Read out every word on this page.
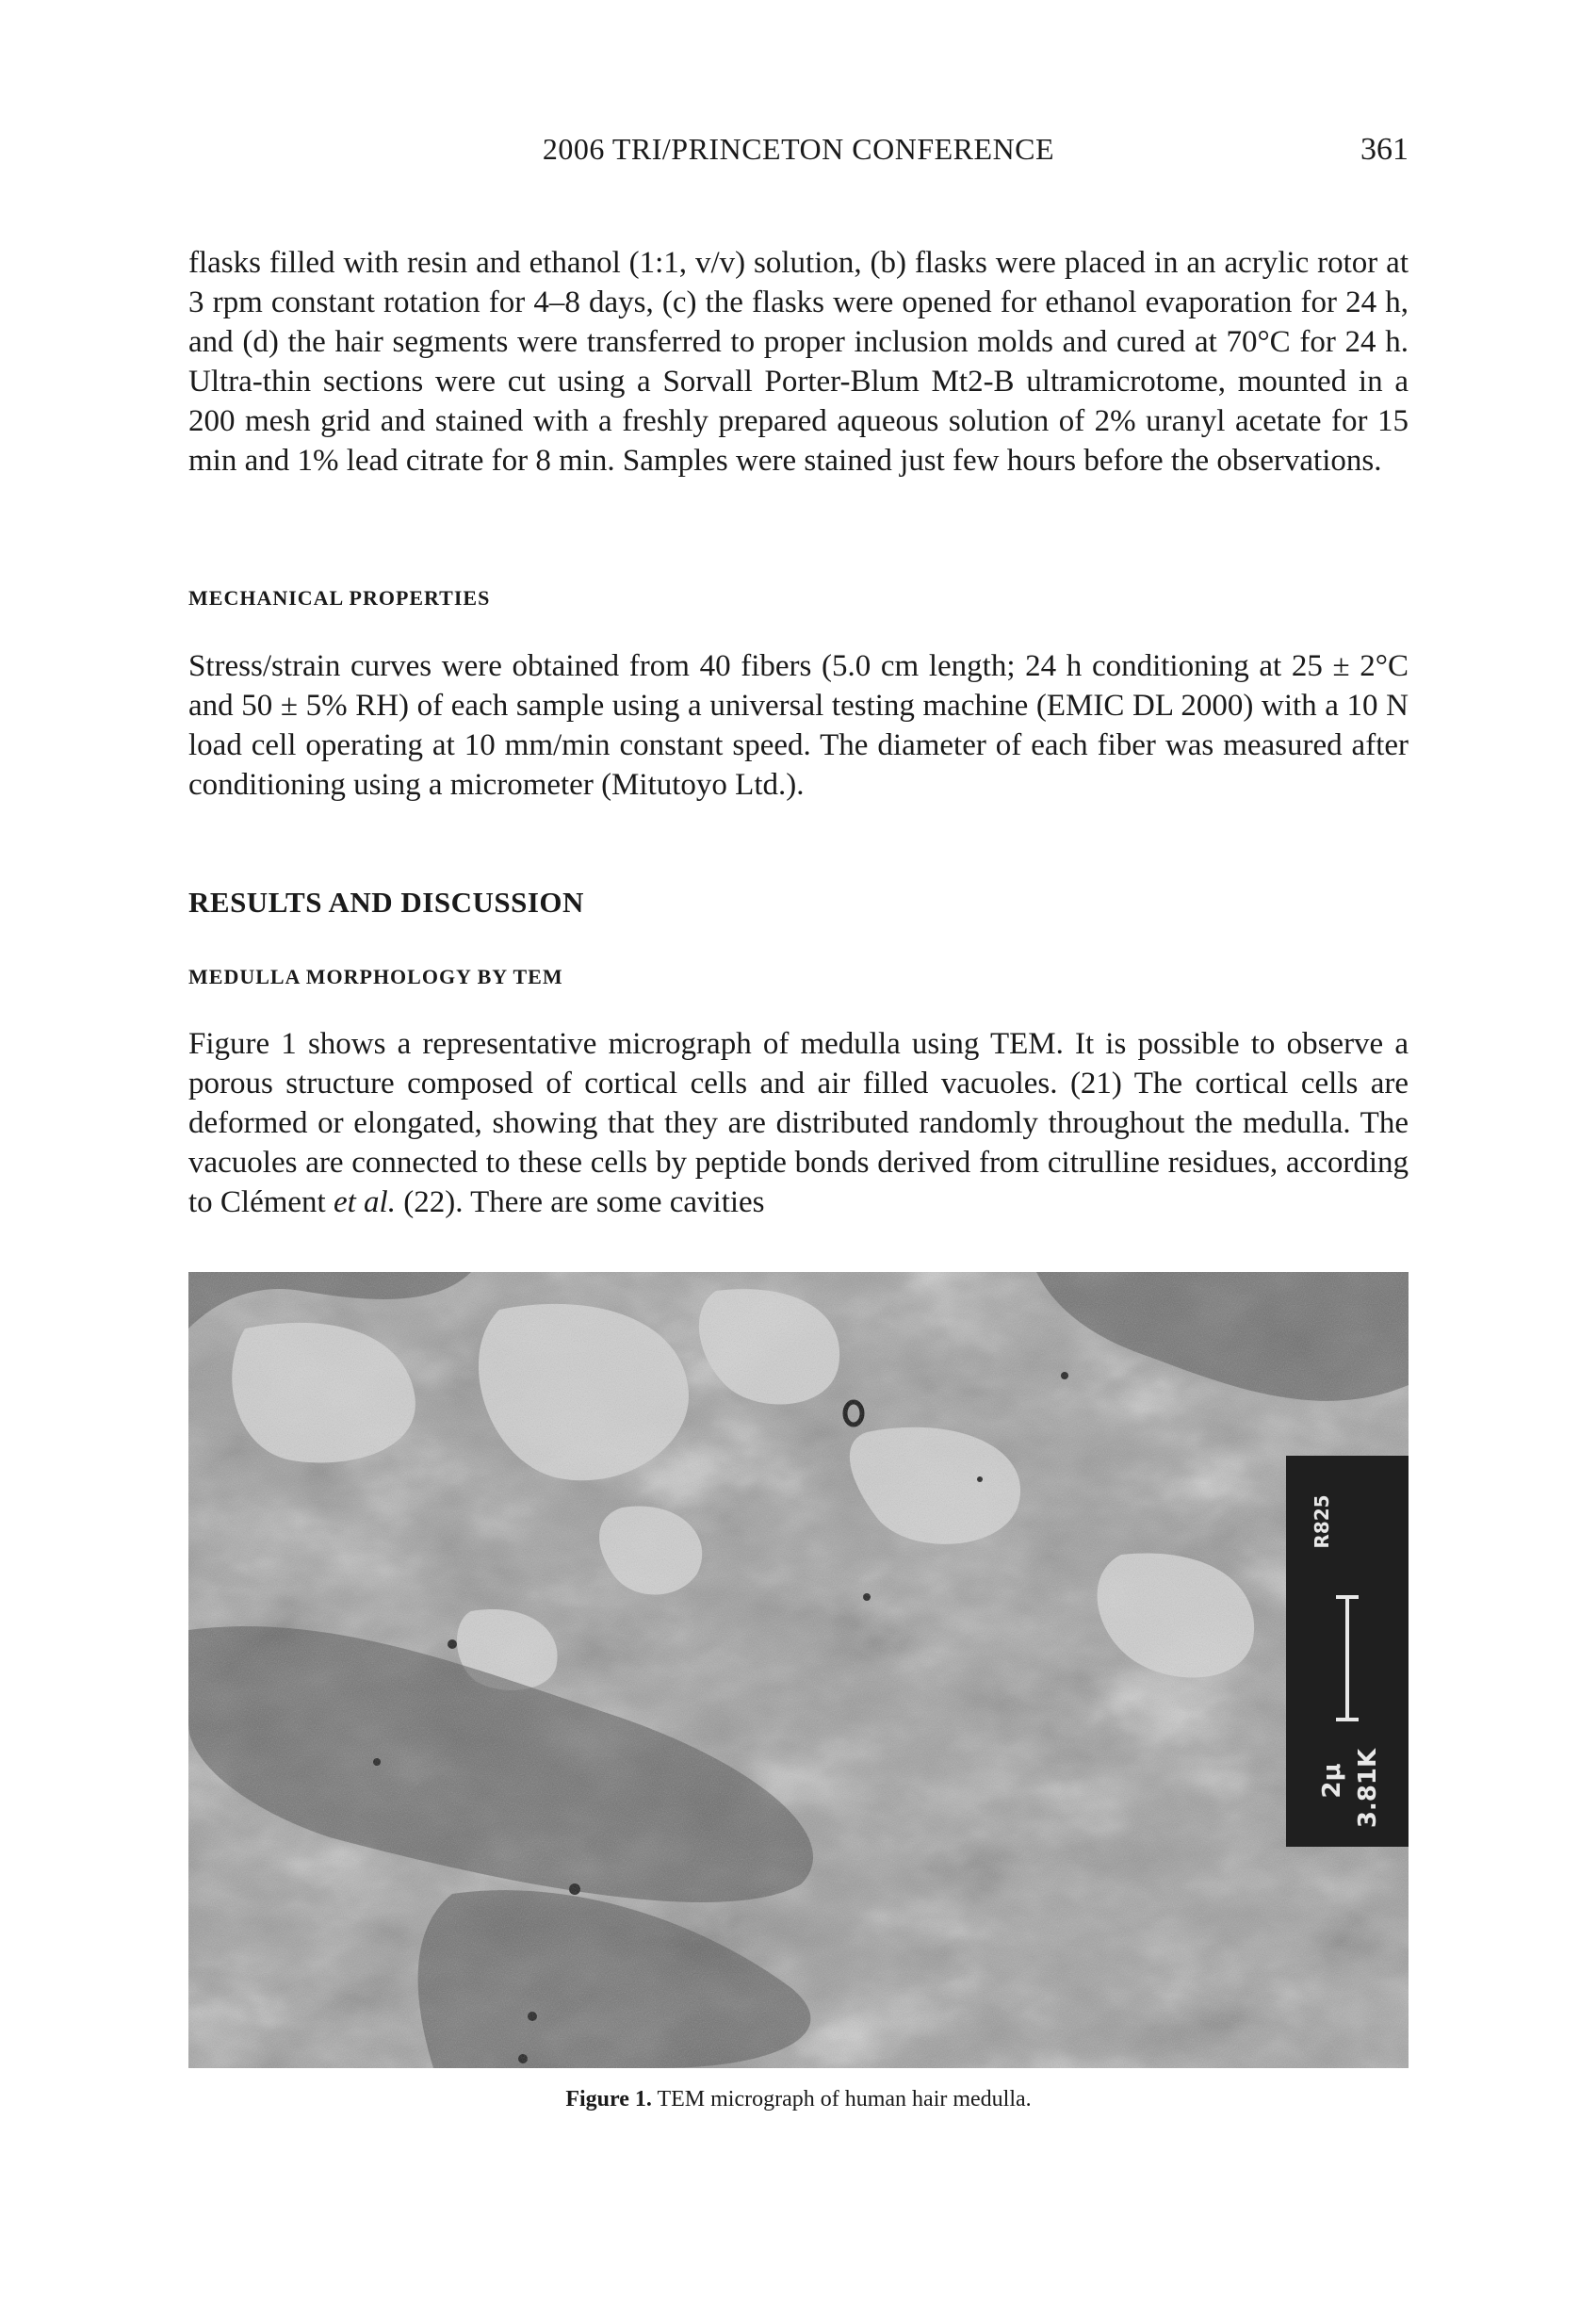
2006 TRI/PRINCETON CONFERENCE	361

flasks filled with resin and ethanol (1:1, v/v) solution, (b) flasks were placed in an acrylic rotor at 3 rpm constant rotation for 4–8 days, (c) the flasks were opened for ethanol evaporation for 24 h, and (d) the hair segments were transferred to proper inclusion molds and cured at 70°C for 24 h. Ultra-thin sections were cut using a Sorvall Porter-Blum Mt2-B ultramicrotome, mounted in a 200 mesh grid and stained with a freshly prepared aqueous solution of 2% uranyl acetate for 15 min and 1% lead citrate for 8 min. Samples were stained just few hours before the observations.

MECHANICAL PROPERTIES

Stress/strain curves were obtained from 40 fibers (5.0 cm length; 24 h conditioning at 25 ± 2°C and 50 ± 5% RH) of each sample using a universal testing machine (EMIC DL 2000) with a 10 N load cell operating at 10 mm/min constant speed. The diameter of each fiber was measured after conditioning using a micrometer (Mitutoyo Ltd.).

RESULTS AND DISCUSSION
MEDULLA MORPHOLOGY BY TEM

Figure 1 shows a representative micrograph of medulla using TEM. It is possible to observe a porous structure composed of cortical cells and air filled vacuoles. (21) The cortical cells are deformed or elongated, showing that they are distributed randomly throughout the medulla. The vacuoles are connected to these cells by peptide bonds derived from citrulline residues, according to Clément et al. (22). There are some cavities

R825
2μ 3.81K

Figure 1. TEM micrograph of human hair medulla.
